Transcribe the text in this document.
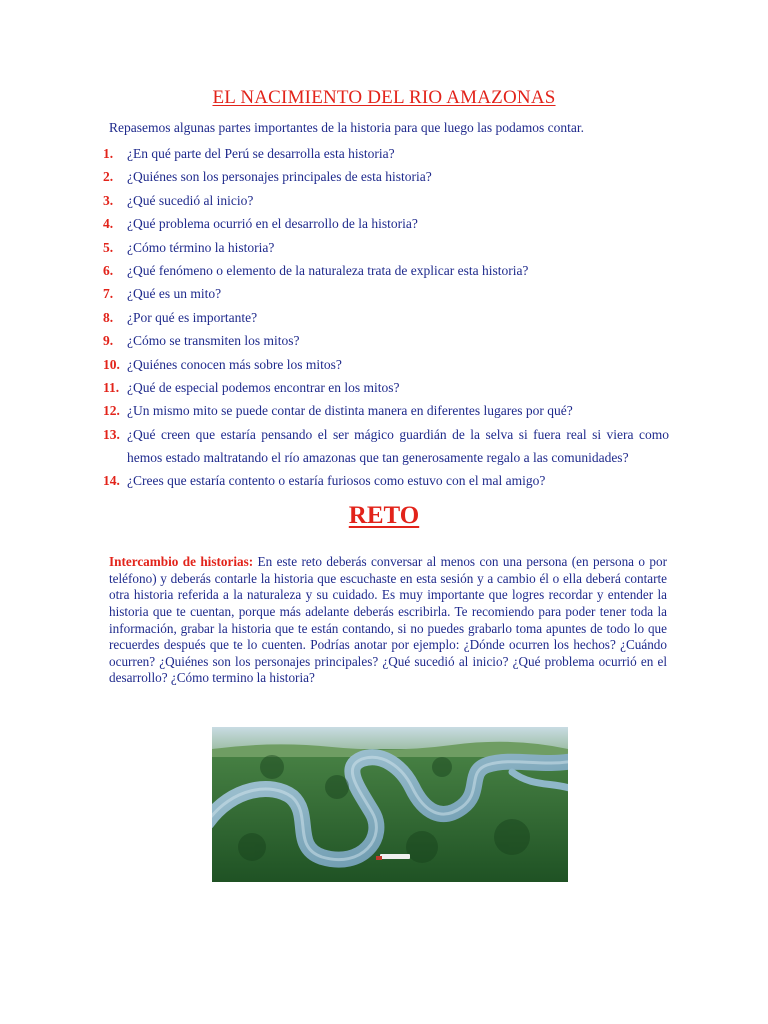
EL NACIMIENTO DEL RIO AMAZONAS
Repasemos algunas partes importantes de la historia para que luego las podamos contar.
1.	¿En qué parte del Perú se desarrolla esta historia?
2.	¿Quiénes son los personajes principales de esta historia?
3.	¿Qué sucedió al inicio?
4.	¿Qué problema ocurrió en el desarrollo de la historia?
5.	¿Cómo término la historia?
6.	¿Qué fenómeno o elemento de la naturaleza trata de explicar esta historia?
7.	¿Qué es un mito?
8.	¿Por qué es importante?
9.	¿Cómo se transmiten los mitos?
10. ¿Quiénes conocen más sobre los mitos?
11. ¿Qué de especial podemos encontrar en los mitos?
12. ¿Un mismo mito se puede contar de distinta manera en diferentes lugares por qué?
13. ¿Qué creen que estaría pensando el ser mágico guardián de la selva si fuera real si viera como hemos estado maltratando el río amazonas que tan generosamente regalo a las comunidades?
14. ¿Crees que estaría contento o estaría furiosos como estuvo con el mal amigo?
RETO

Intercambio de historias: En este reto deberás conversar al menos con una persona (en persona o por teléfono) y deberás contarle la historia que escuchaste en esta sesión y a cambio él o ella deberá contarte otra historia referida a la naturaleza y su cuidado. Es muy importante que logres recordar y entender la historia que te cuentan, porque más adelante deberás escribirla. Te recomiendo para poder tener toda la información, grabar la historia que te están contando, si no puedes grabarlo toma apuntes de todo lo que recuerdes después que te lo cuenten. Podrías anotar por ejemplo: ¿Dónde ocurren los hechos? ¿Cuándo ocurren? ¿Quiénes son los personajes principales? ¿Qué sucedió al inicio? ¿Qué problema ocurrió en el desarrollo? ¿Cómo termino la historia?
